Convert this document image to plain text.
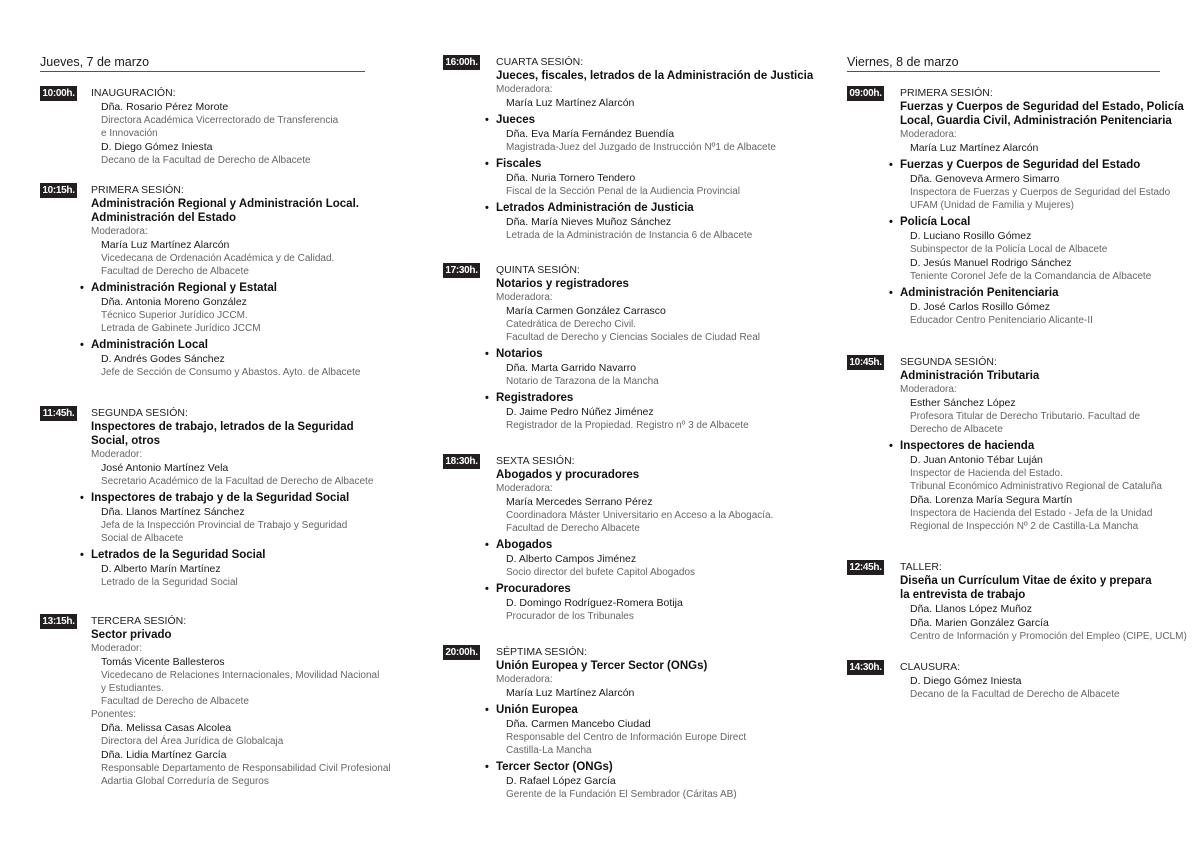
Jueves, 7 de marzo
10:00h. INAUGURACIÓN:
Dña. Rosario Pérez Morote
Directora Académica Vicerrectorado de Transferencia
e Innovación
D. Diego Gómez Iniesta
Decano de la Facultad de Derecho de Albacete
10:15h. PRIMERA SESIÓN:
Administración Regional y Administración Local.
Administración del Estado
Moderadora:
María Luz Martínez Alarcón
Vicedecana de Ordenación Académica y de Calidad.
Facultad de Derecho de Albacete
• Administración Regional y Estatal
Dña. Antonia Moreno González
Técnico Superior Jurídico JCCM.
Letrada de Gabinete Jurídico JCCM
• Administración Local
D. Andrés Godes Sánchez
Jefe de Sección de Consumo y Abastos. Ayto. de Albacete
11:45h. SEGUNDA SESIÓN:
Inspectores de trabajo, letrados de la Seguridad
Social, otros
Moderador:
José Antonio Martínez Vela
Secretario Académico de la Facultad de Derecho de Albacete
• Inspectores de trabajo y de la Seguridad Social
Dña. Llanos Martínez Sánchez
Jefa de la Inspección Provincial de Trabajo y Seguridad
Social de Albacete
• Letrados de la Seguridad Social
D. Alberto Marín Martínez
Letrado de la Seguridad Social
13:15h. TERCERA SESIÓN:
Sector privado
Moderador:
Tomás Vicente Ballesteros
Vicedecano de Relaciones Internacionales, Movilidad Nacional
y Estudiantes.
Facultad de Derecho de Albacete
Ponentes:
Dña. Melissa Casas Alcolea
Directora del Área Jurídica de Globalcaja
Dña. Lidia Martínez García
Responsable Departamento de Responsabilidad Civil Profesional
Adartia Global Correduría de Seguros
16:00h. CUARTA SESIÓN:
Jueces, fiscales, letrados de la Administración de Justicia
Moderadora:
María Luz Martínez Alarcón
• Jueces
Dña. Eva María Fernández Buendía
Magistrada-Juez del Juzgado de Instrucción Nº1 de Albacete
• Fiscales
Dña. Nuria Tornero Tendero
Fiscal de la Sección Penal de la Audiencia Provincial
• Letrados Administración de Justicia
Dña. María Nieves Muñoz Sánchez
Letrada de la Administración de Instancia 6 de Albacete
17:30h. QUINTA SESIÓN:
Notarios y registradores
Moderadora:
María Carmen González Carrasco
Catedrática de Derecho Civil.
Facultad de Derecho y Ciencias Sociales de Ciudad Real
• Notarios
Dña. Marta Garrido Navarro
Notario de Tarazona de la Mancha
• Registradores
D. Jaime Pedro Núñez Jiménez
Registrador de la Propiedad. Registro nº 3 de Albacete
18:30h. SEXTA SESIÓN:
Abogados y procuradores
Moderadora:
María Mercedes Serrano Pérez
Coordinadora Máster Universitario en Acceso a la Abogacía.
Facultad de Derecho Albacete
• Abogados
D. Alberto Campos Jiménez
Socio director del bufete Capitol Abogados
• Procuradores
D. Domingo Rodríguez-Romera Botija
Procurador de los Tribunales
20:00h. SÉPTIMA SESIÓN:
Unión Europea y Tercer Sector (ONGs)
Moderadora:
María Luz Martínez Alarcón
• Unión Europea
Dña. Carmen Mancebo Ciudad
Responsable del Centro de Información Europe Direct
Castilla-La Mancha
• Tercer Sector (ONGs)
D. Rafael López García
Gerente de la Fundación El Sembrador (Cáritas AB)
Viernes, 8 de marzo
09:00h. PRIMERA SESIÓN:
Fuerzas y Cuerpos de Seguridad del Estado, Policía
Local, Guardia Civil, Administración Penitenciaria
Moderadora:
María Luz Martínez Alarcón
• Fuerzas y Cuerpos de Seguridad del Estado
Dña. Genoveva Armero Simarro
Inspectora de Fuerzas y Cuerpos de Seguridad del Estado
UFAM (Unidad de Familia y Mujeres)
• Policía Local
D. Luciano Rosillo Gómez
Subinspector de la Policía Local de Albacete
D. Jesús Manuel Rodrigo Sánchez
Teniente Coronel Jefe de la Comandancia de Albacete
• Administración Penitenciaria
D. José Carlos Rosillo Gómez
Educador Centro Penitenciario Alicante-II
10:45h. SEGUNDA SESIÓN:
Administración Tributaria
Moderadora:
Esther Sánchez López
Profesora Titular de Derecho Tributario. Facultad de
Derecho de Albacete
• Inspectores de hacienda
D. Juan Antonio Tébar Luján
Inspector de Hacienda del Estado.
Tribunal Económico Administrativo Regional de Cataluña
Dña. Lorenza María Segura Martín
Inspectora de Hacienda del Estado - Jefa de la Unidad
Regional de Inspección Nº 2 de Castilla-La Mancha
12:45h. TALLER:
Diseña un Currículum Vitae de éxito y prepara
la entrevista de trabajo
Dña. Llanos López Muñoz
Dña. Marien González García
Centro de Información y Promoción del Empleo (CIPE, UCLM)
14:30h. CLAUSURA:
D. Diego Gómez Iniesta
Decano de la Facultad de Derecho de Albacete
